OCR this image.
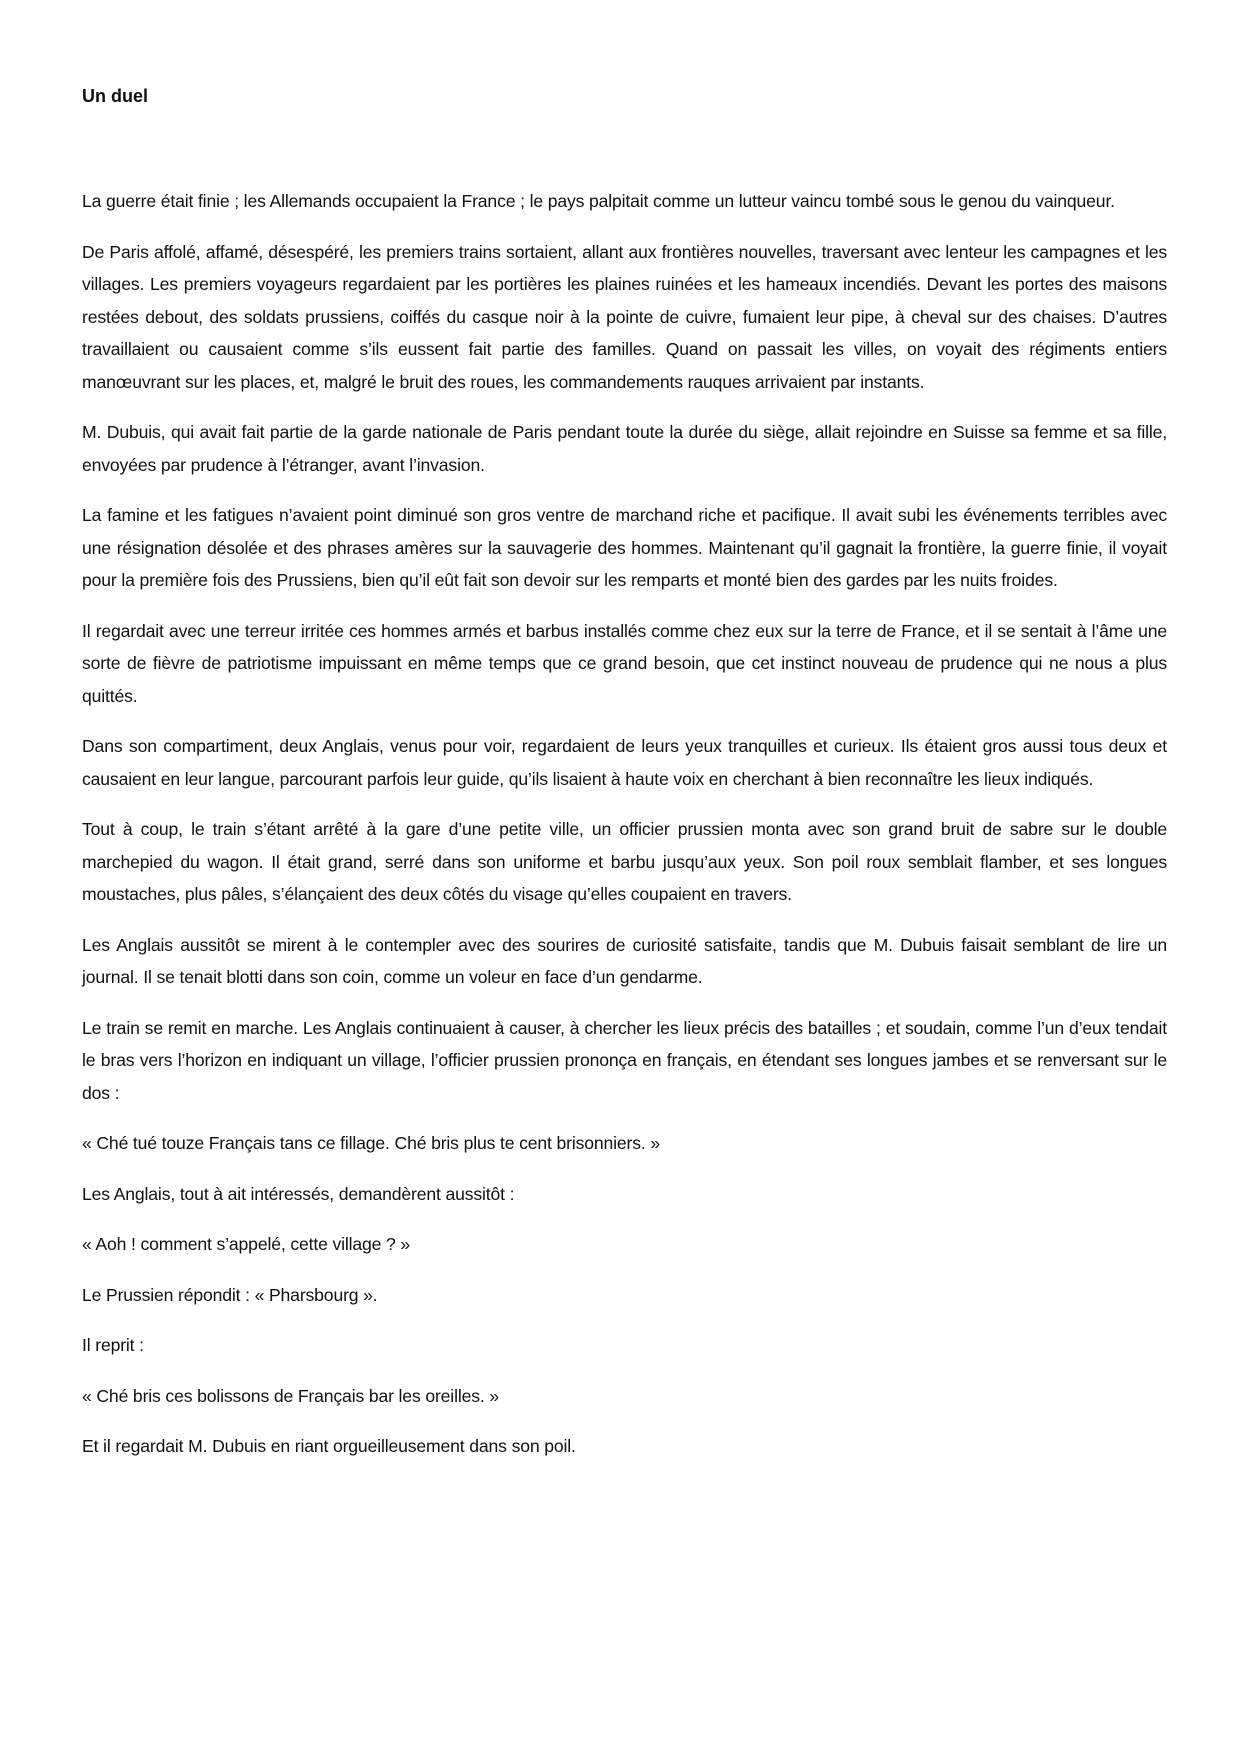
Un duel

La guerre était finie ; les Allemands occupaient la France ; le pays palpitait comme un lutteur vaincu tombé sous le genou du vainqueur.

De Paris affolé, affamé, désespéré, les premiers trains sortaient, allant aux frontières nouvelles, traversant avec lenteur les campagnes et les villages. Les premiers voyageurs regardaient par les portières les plaines ruinées et les hameaux incendiés. Devant les portes des maisons restées debout, des soldats prussiens, coiffés du casque noir à la pointe de cuivre, fumaient leur pipe, à cheval sur des chaises. D’autres travaillaient ou causaient comme s’ils eussent fait partie des familles. Quand on passait les villes, on voyait des régiments entiers manœuvrant sur les places, et, malgré le bruit des roues, les commandements rauques arrivaient par instants.

M. Dubuis, qui avait fait partie de la garde nationale de Paris pendant toute la durée du siège, allait rejoindre en Suisse sa femme et sa fille, envoyées par prudence à l’étranger, avant l’invasion.

La famine et les fatigues n’avaient point diminué son gros ventre de marchand riche et pacifique. Il avait subi les événements terribles avec une résignation désolée et des phrases amères sur la sauvagerie des hommes. Maintenant qu’il gagnait la frontière, la guerre finie, il voyait pour la première fois des Prussiens, bien qu’il eût fait son devoir sur les remparts et monté bien des gardes par les nuits froides.

Il regardait avec une terreur irritée ces hommes armés et barbus installés comme chez eux sur la terre de France, et il se sentait à l’âme une sorte de fièvre de patriotisme impuissant en même temps que ce grand besoin, que cet instinct nouveau de prudence qui ne nous a plus quittés.

Dans son compartiment, deux Anglais, venus pour voir, regardaient de leurs yeux tranquilles et curieux. Ils étaient gros aussi tous deux et causaient en leur langue, parcourant parfois leur guide, qu’ils lisaient à haute voix en cherchant à bien reconnaître les lieux indiqués.

Tout à coup, le train s’étant arrêté à la gare d’une petite ville, un officier prussien monta avec son grand bruit de sabre sur le double marchepied du wagon. Il était grand, serré dans son uniforme et barbu jusqu’aux yeux. Son poil roux semblait flamber, et ses longues moustaches, plus pâles, s’élançaient des deux côtés du visage qu’elles coupaient en travers.

Les Anglais aussitôt se mirent à le contempler avec des sourires de curiosité satisfaite, tandis que M. Dubuis faisait semblant de lire un journal. Il se tenait blotti dans son coin, comme un voleur en face d’un gendarme.

Le train se remit en marche. Les Anglais continuaient à causer, à chercher les lieux précis des batailles ; et soudain, comme l’un d’eux tendait le bras vers l’horizon en indiquant un village, l’officier prussien prononça en français, en étendant ses longues jambes et se renversant sur le dos :

« Ché tué touze Français tans ce fillage. Ché bris plus te cent brisonniers. »

Les Anglais, tout à ait intéressés, demandèrent aussitôt :

« Aoh ! comment s’appelé, cette village ? »

Le Prussien répondit : « Pharsbourg ».

Il reprit :

« Ché bris ces bolissons de Français bar les oreilles. »

Et il regardait M. Dubuis en riant orgueilleusement dans son poil.
